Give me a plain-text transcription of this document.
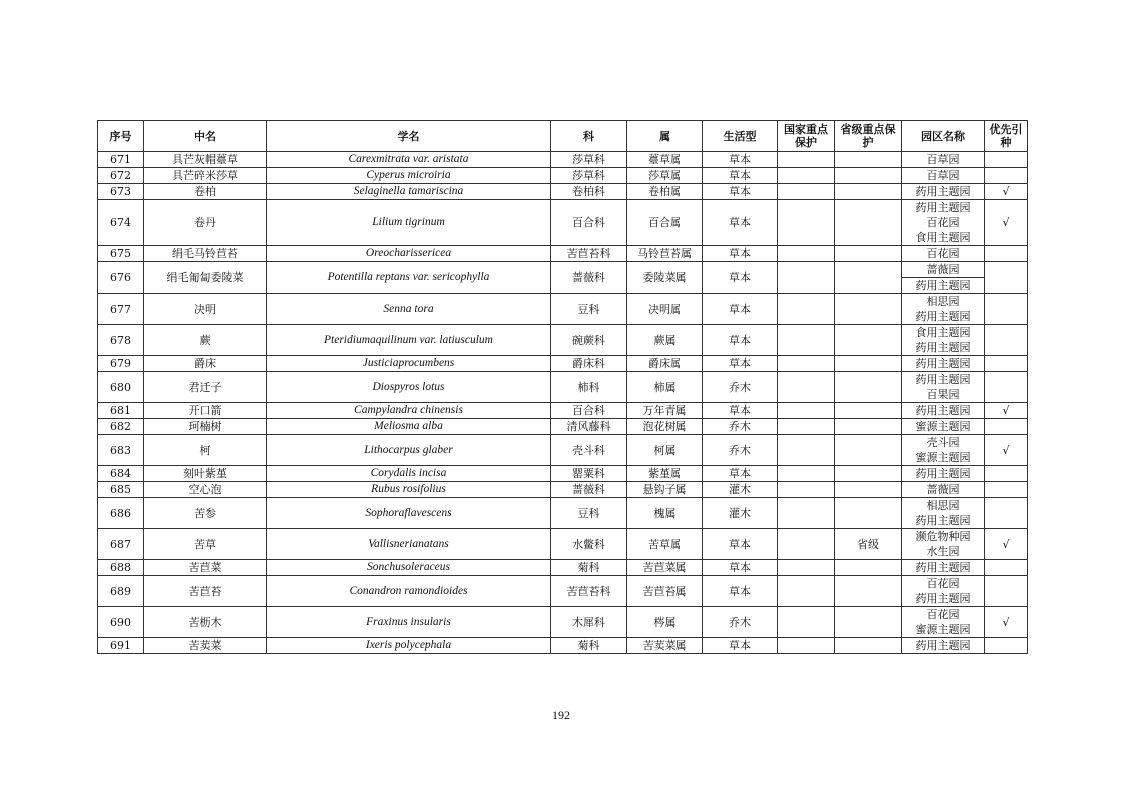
序号	中名	学名	科	属	生活型	国家重点保护	省级重点保护	园区名称	优先引种
671	具芒灰帽薹草	Carexmitrata var. aristata	莎草科	薹草属	草本			百草园	

672	具芒碎米莎草	Cyperus microiria	莎草科	莎草属	草本			百草园	

673	卷柏	Selaginella tamariscina	卷柏科	卷柏属	草本			药用主题园	√
674	卷丹	Lilium tigrinum	百合科	百合属	草本			药用主题园
百花园
食用主题园	√
675	绢毛马铃苣苔	Oreocharissericea	苦苣苔科	马铃苣苔属	草本			百花园	

676	绢毛匍匐委陵菜	Potentilla reptans var. sericophylla	蔷薇科	委陵菜属	草本			蔷薇园	
								药用主题园	
677	决明	Senna tora	豆科	决明属	草本			相思园
药用主题园	

678	蕨	Pteridiumaquilinum var. latiusculum	碗蕨科	蕨属	草本			食用主题园
药用主题园	

679	爵床	Justiciaprocumbens	爵床科	爵床属	草本			药用主题园	

680	君迁子	Diospyros lotus	柿科	柿属	乔木			药用主题园
百果园	

681	开口箭	Campylandra chinensis	百合科	万年青属	草本			药用主题园	√
682	珂楠树	Meliosma alba	清风藤科	泡花树属	乔木			蜜源主题园	

683	柯	Lithocarpus glaber	壳斗科	柯属	乔木			壳斗园
蜜源主题园	√
684	刻叶紫堇	Corydalis incisa	罂粟科	紫堇属	草本			药用主题园	

685	空心泡	Rubus rosifolius	蔷薇科	悬钩子属	灌木			蔷薇园	

686	苦参	Sophoraflavescens	豆科	槐属	灌木			相思园
药用主题园	

687	苦草	Vallisnerianatans	水鳖科	苦草属	草本		省级	濒危物种园
水生园	√
688	苦苣菜	Sonchusoleraceus	菊科	苦苣菜属	草本			药用主题园	

689	苦苣苔	Conandron ramondioides	苦苣苔科	苦苣苔属	草本			百花园
药用主题园	

690	苦枥木	Fraxinus insularis	木犀科	梣属	乔木			百花园
蜜源主题园	√
691	苦荬菜	Ixeris polycephala	菊科	苦荬菜属	草本			药用主题园	

192
